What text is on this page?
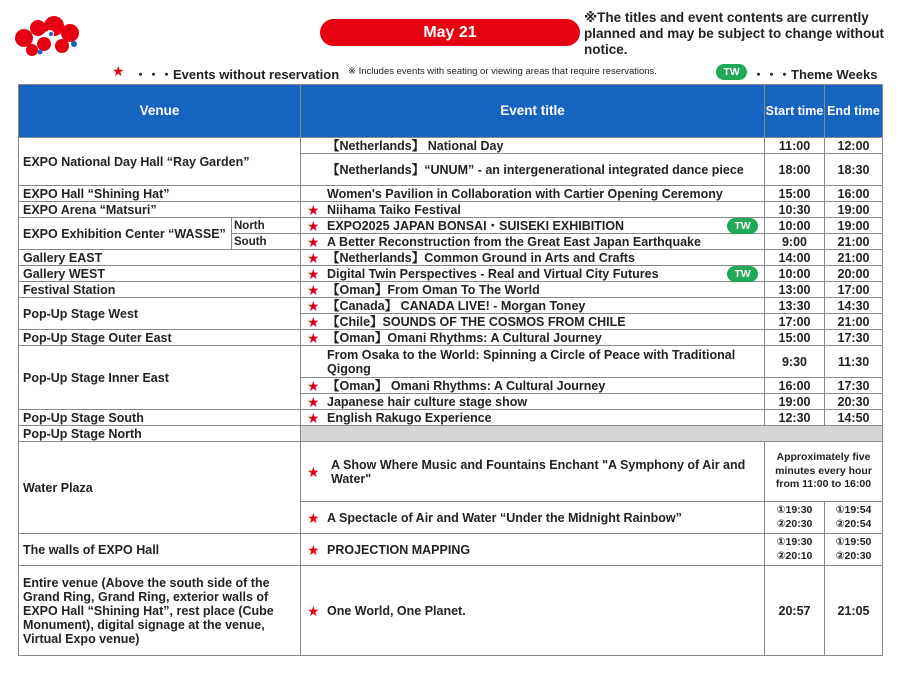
May 21
※The titles and event contents are currently planned and may be subject to change without notice.
★ ・・・Events without reservation ※ Includes events with seating or viewing areas that require reservations.	TW ・・・Theme Weeks
Venue		Event title	Start time	End time
EXPO National Day Hall “Ray Garden”		【Netherlands】 National Day	11:00	12:00
		【Netherlands】“UNUM” - an intergenerational integrated dance piece	18:00	18:30
EXPO Hall “Shining Hat”		Women's Pavilion in Collaboration with Cartier Opening Ceremony	15:00	16:00
EXPO Arena “Matsuri”		★ Niihama Taiko Festival	10:30	19:00
EXPO Exhibition Center “WASSE”	North	★ EXPO2025 JAPAN BONSAI・SUISEKI EXHIBITION TW	10:00	19:00
	South	★ A Better Reconstruction from the Great East Japan Earthquake	9:00	21:00
Gallery EAST		★ 【Netherlands】Common Ground in Arts and Crafts	14:00	21:00
Gallery WEST		★ Digital Twin Perspectives - Real and Virtual City Futures TW	10:00	20:00
Festival Station		★ 【Oman】From Oman To The World	13:00	17:00
Pop-Up Stage West		★ 【Canada】 CANADA LIVE! - Morgan Toney	13:30	14:30

		★ 【Chile】SOUNDS OF THE COSMOS FROM CHILE	17:00	21:00
Pop-Up Stage Outer East		★ 【Oman】Omani Rhythms: A Cultural Journey	15:00	17:30
Pop-Up Stage Inner East		From Osaka to the World: Spinning a Circle of Peace with Traditional Qigong	9:30	11:30

		★ 【Oman】 Omani Rhythms: A Cultural Journey	16:00	17:30

		★ Japanese hair culture stage show	19:00	20:30
Pop-Up Stage South		★ English Rakugo Experience	12:30	14:50
Pop-Up Stage North				
Water Plaza		★ A Show Where Music and Fountains Enchant "A Symphony of Air and Water"	Approximately five minutes every hour from 11:00 to 16:00	

		★ A Spectacle of Air and Water “Under the Midnight Rainbow”	①19:30 ②20:30	①19:54 ②20:54
The walls of EXPO Hall		★ PROJECTION MAPPING	①19:30 ②20:10	①19:50 ②20:30
Entire venue (Above the south side of the Grand Ring, Grand Ring, exterior walls of EXPO Hall “Shining Hat”, rest place (Cube Monument), digital signage at the venue, Virtual Expo venue)		★ One World, One Planet.	20:57	21:05
